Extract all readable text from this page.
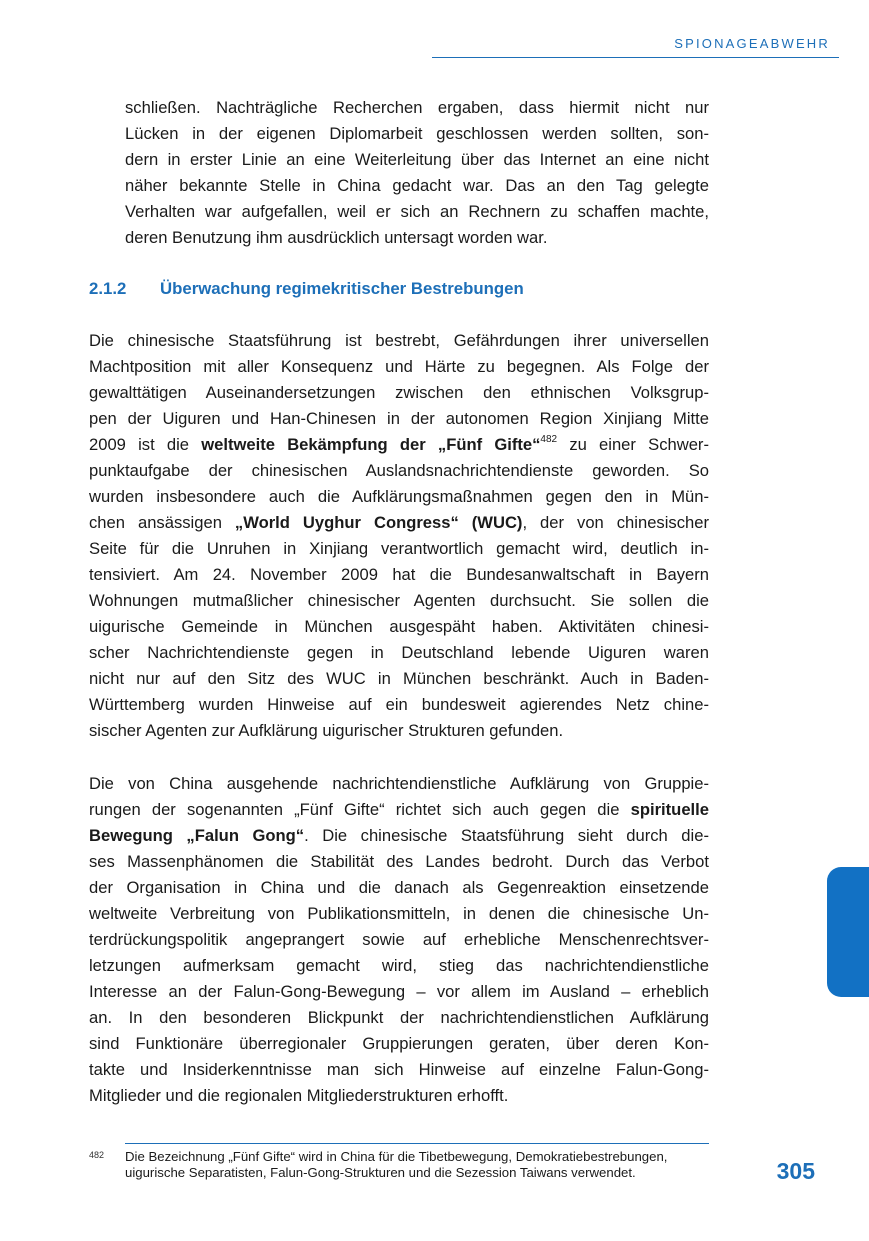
SPIONAGEABWEHR

schließen. Nachträgliche Recherchen ergaben, dass hiermit nicht nur
Lücken in der eigenen Diplomarbeit geschlossen werden sollten, son-
dern in erster Linie an eine Weiterleitung über das Internet an eine nicht
näher bekannte Stelle in China gedacht war. Das an den Tag gelegte
Verhalten war aufgefallen, weil er sich an Rechnern zu schaffen machte,
deren Benutzung ihm ausdrücklich untersagt worden war.

2.1.2 Überwachung regimekritischer Bestrebungen

Die chinesische Staatsführung ist bestrebt, Gefährdungen ihrer universellen
Machtposition mit aller Konsequenz und Härte zu begegnen. Als Folge der
gewalttätigen Auseinandersetzungen zwischen den ethnischen Volksgrup-
pen der Uiguren und Han-Chinesen in der autonomen Region Xinjiang Mitte
2009 ist die weltweite Bekämpfung der „Fünf Gifte“$^{482}$ zu einer Schwer-
punktaufgabe der chinesischen Auslandsnachrichtendienste geworden. So
wurden insbesondere auch die Aufklärungsmaßnahmen gegen den in Mün-
chen ansässigen „World Uyghur Congress“ (WUC), der von chinesischer
Seite für die Unruhen in Xinjiang verantwortlich gemacht wird, deutlich in-
tensiviert. Am 24. November 2009 hat die Bundesanwaltschaft in Bayern
Wohnungen mutmaßlicher chinesischer Agenten durchsucht. Sie sollen die
uigurische Gemeinde in München ausgespäht haben. Aktivitäten chinesi-
scher Nachrichtendienste gegen in Deutschland lebende Uiguren waren
nicht nur auf den Sitz des WUC in München beschränkt. Auch in Baden-
Württemberg wurden Hinweise auf ein bundesweit agierendes Netz chine-
sischer Agenten zur Aufklärung uigurischer Strukturen gefunden.

Die von China ausgehende nachrichtendienstliche Aufklärung von Gruppie-
rungen der sogenannten „Fünf Gifte“ richtet sich auch gegen die spirituelle
Bewegung „Falun Gong“. Die chinesische Staatsführung sieht durch die-
ses Massenphänomen die Stabilität des Landes bedroht. Durch das Verbot
der Organisation in China und die danach als Gegenreaktion einsetzende
weltweite Verbreitung von Publikationsmitteln, in denen die chinesische Un-
terdrückungspolitik angeprangert sowie auf erhebliche Menschenrechtsver-
letzungen aufmerksam gemacht wird, stieg das nachrichtendienstliche
Interesse an der Falun-Gong-Bewegung – vor allem im Ausland – erheblich
an. In den besonderen Blickpunkt der nachrichtendienstlichen Aufklärung
sind Funktionäre überregionaler Gruppierungen geraten, über deren Kon-
takte und Insiderkenntnisse man sich Hinweise auf einzelne Falun-Gong-
Mitglieder und die regionalen Mitgliederstrukturen erhofft.

482 Die Bezeichnung „Fünf Gifte“ wird in China für die Tibetbewegung, Demokratiebestrebungen,
uigurische Separatisten, Falun-Gong-Strukturen und die Sezession Taiwans verwendet.	305
